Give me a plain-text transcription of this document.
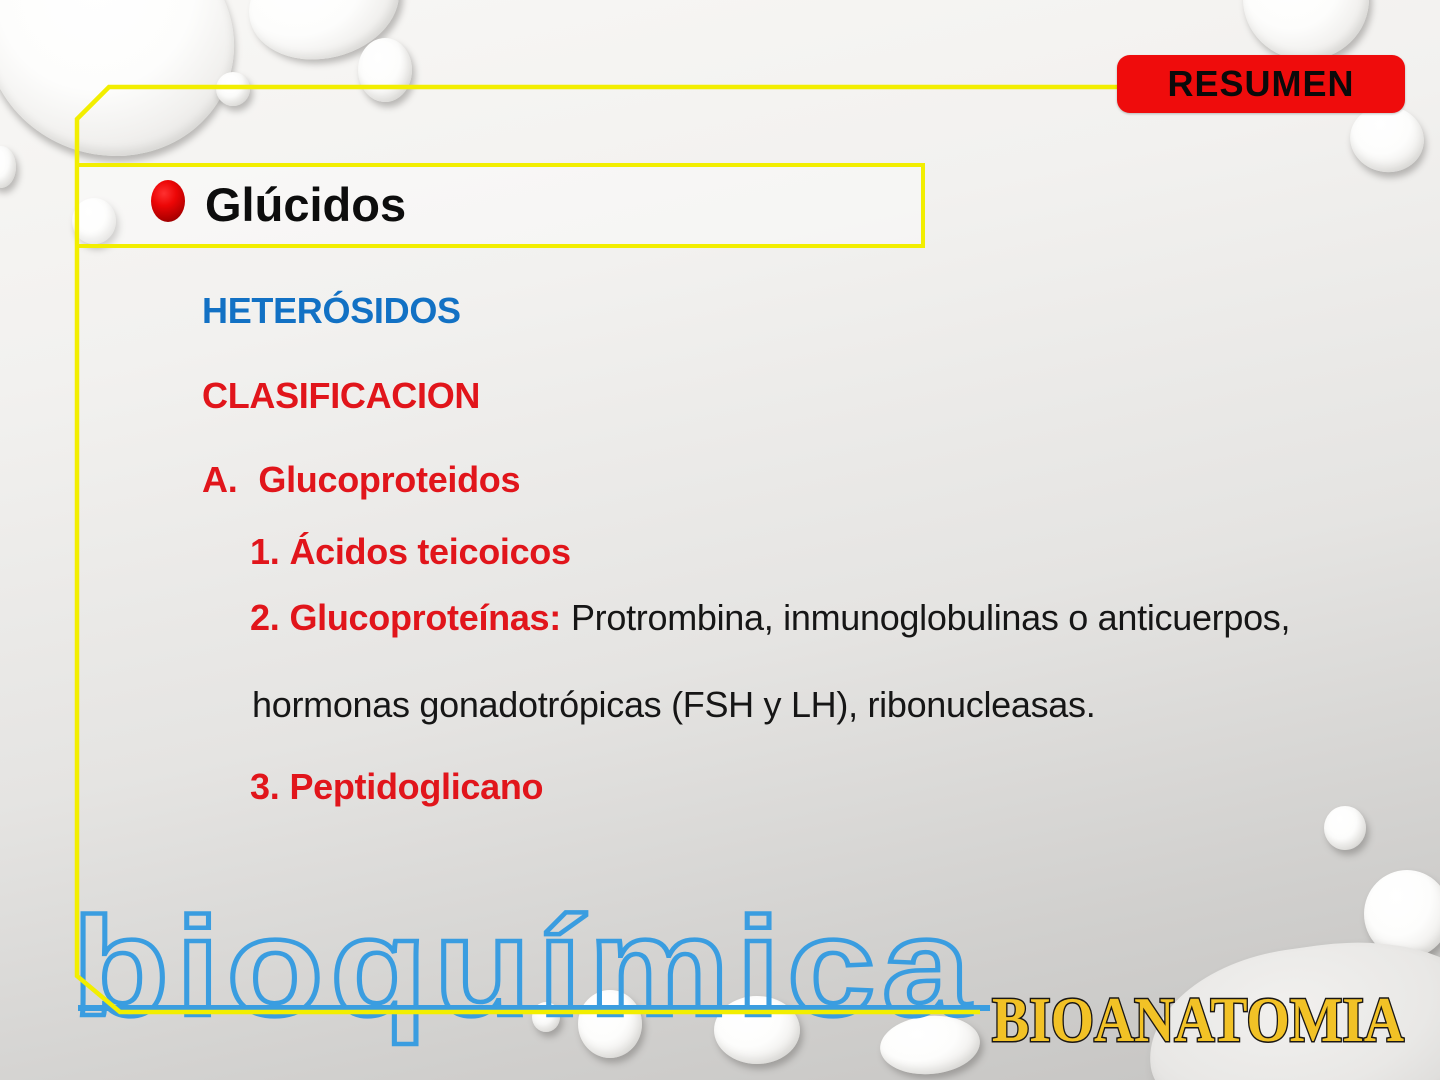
bioquímica
Glúcidos
HETERÓSIDOS
CLASIFICACION
A. Glucoproteidos
1. Ácidos teicoicos
2. Glucoproteínas: Protrombina, inmunoglobulinas o anticuerpos,
hormonas gonadotrópicas (FSH y LH), ribonucleasas.
3. Peptidoglicano
RESUMEN
BIOANATOMIA
